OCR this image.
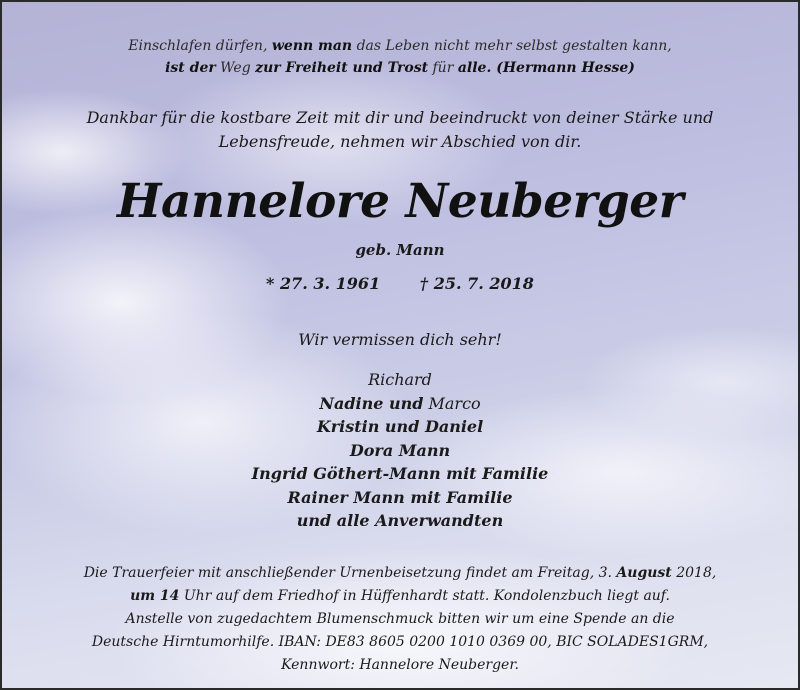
Einschlafen dürfen, wenn man das Leben nicht mehr selbst gestalten kann,
ist der Weg zur Freiheit und Trost für alle. (Hermann Hesse)
Dankbar für die kostbare Zeit mit dir und beeindruckt von deiner Stärke und
Lebensfreude, nehmen wir Abschied von dir.
Hannelore Neuberger
geb. Mann
* 27. 3. 1961 † 25. 7. 2018
Wir vermissen dich sehr!
Richard
Nadine und Marco
Kristin und Daniel
Dora Mann
Ingrid Göthert-Mann mit Familie
Rainer Mann mit Familie
und alle Anverwandten
Die Trauerfeier mit anschließender Urnenbeisetzung findet am Freitag, 3. August 2018,
um 14 Uhr auf dem Friedhof in Hüffenhardt statt. Kondolenzbuch liegt auf.
Anstelle von zugedachtem Blumenschmuck bitten wir um eine Spende an die
Deutsche Hirntumorhilfe. IBAN: DE83 8605 0200 1010 0369 00, BIC SOLADES1GRM,
Kennwort: Hannelore Neuberger.
